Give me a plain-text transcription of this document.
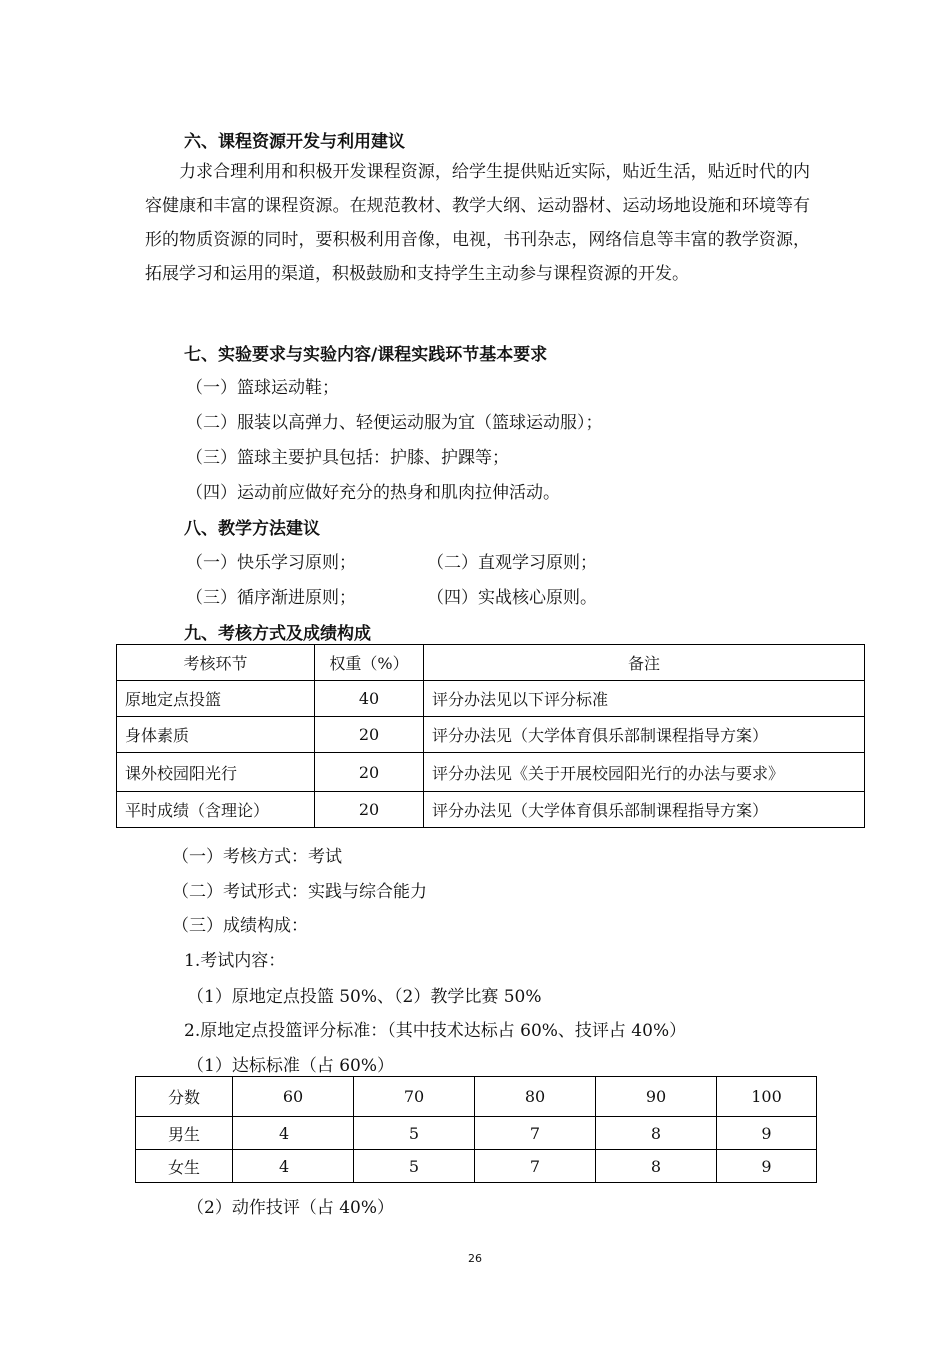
六、课程资源开发与利用建议
力求合理利用和积极开发课程资源，给学生提供贴近实际，贴近生活，贴近时代的内容健康和丰富的课程资源。在规范教材、教学大纲、运动器材、运动场地设施和环境等有形的物质资源的同时，要积极利用音像，电视，书刊杂志，网络信息等丰富的教学资源，拓展学习和运用的渠道，积极鼓励和支持学生主动参与课程资源的开发。
七、实验要求与实验内容/课程实践环节基本要求
（一）篮球运动鞋；
（二）服装以高弹力、轻便运动服为宜（篮球运动服）；
（三）篮球主要护具包括：护膝、护踝等；
（四）运动前应做好充分的热身和肌肉拉伸活动。
八、教学方法建议
（一）快乐学习原则；	（二）直观学习原则；
（三）循序渐进原则；	（四）实战核心原则。
九、考核方式及成绩构成
考核环节	权重（%）	备注
原地定点投篮	40	评分办法见以下评分标准
身体素质	20	评分办法见（大学体育俱乐部制课程指导方案）
课外校园阳光行	20	评分办法见《关于开展校园阳光行的办法与要求》
平时成绩（含理论）	20	评分办法见（大学体育俱乐部制课程指导方案）
（一）考核方式：考试
（二）考试形式：实践与综合能力
（三）成绩构成：
1.考试内容：
（1）原地定点投篮 50%、（2）教学比赛 50%
2.原地定点投篮评分标准：（其中技术达标占 60%、技评占 40%）
（1）达标标准（占 60%）
分数	60	70	80	90	100
男生	4	5	7	8	9
女生	4	5	7	8	9
（2）动作技评（占 40%）
26
